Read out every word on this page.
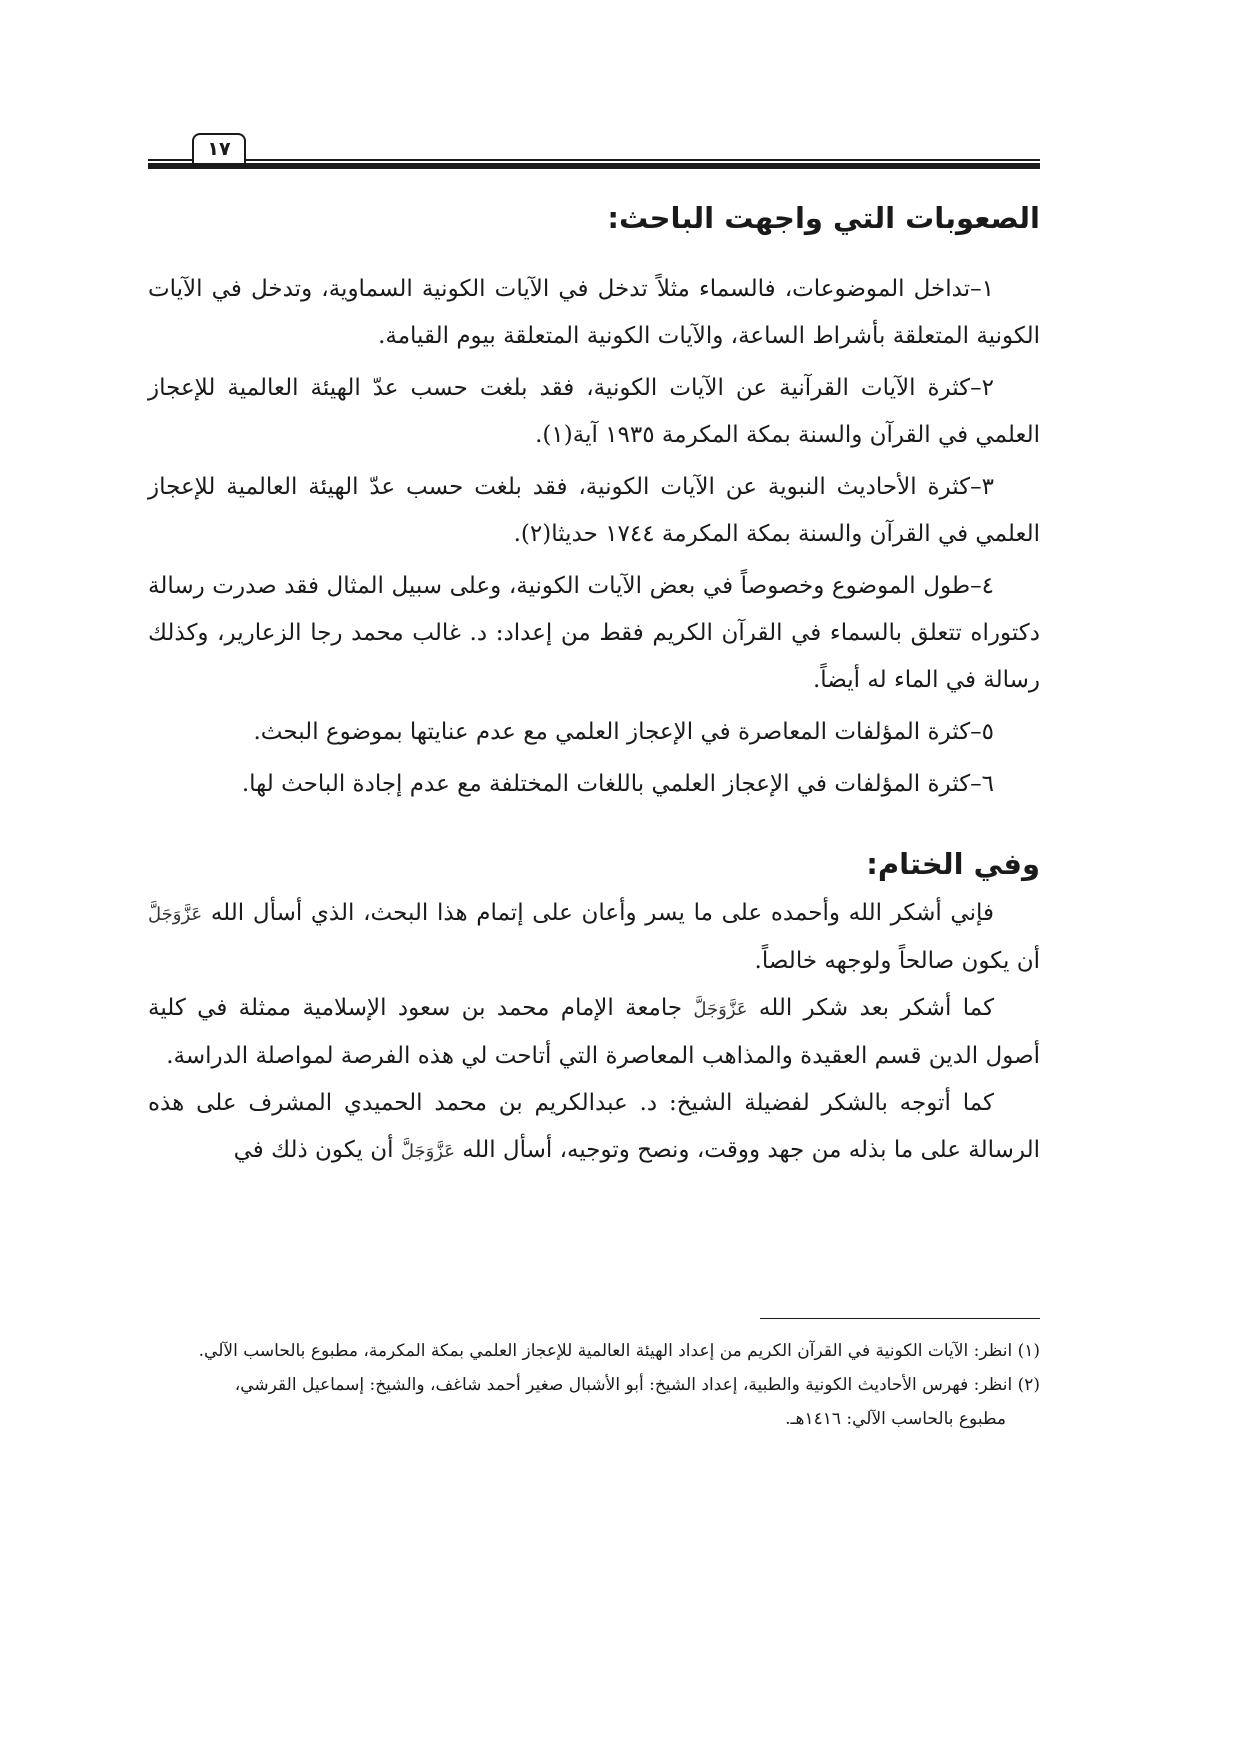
١٧
الصعوبات التي واجهت الباحث:

١–تداخل الموضوعات، فالسماء مثلاً تدخل في الآيات الكونية السماوية، وتدخل في الآيات الكونية المتعلقة بأشراط الساعة، والآيات الكونية المتعلقة بيوم القيامة.

٢–كثرة الآيات القرآنية عن الآيات الكونية، فقد بلغت حسب عدّ الهيئة العالمية للإعجاز العلمي في القرآن والسنة بمكة المكرمة ١٩٣٥ آية(١).

٣–كثرة الأحاديث النبوية عن الآيات الكونية، فقد بلغت حسب عدّ الهيئة العالمية للإعجاز العلمي في القرآن والسنة بمكة المكرمة ١٧٤٤ حديثا(٢).

٤–طول الموضوع وخصوصاً في بعض الآيات الكونية، وعلى سبيل المثال فقد صدرت رسالة دكتوراه تتعلق بالسماء في القرآن الكريم فقط من إعداد: د. غالب محمد رجا الزعارير، وكذلك رسالة في الماء له أيضاً.

٥–كثرة المؤلفات المعاصرة في الإعجاز العلمي مع عدم عنايتها بموضوع البحث.

٦–كثرة المؤلفات في الإعجاز العلمي باللغات المختلفة مع عدم إجادة الباحث لها.

وفي الختام:

فإني أشكر الله وأحمده على ما يسر وأعان على إتمام هذا البحث، الذي أسأل الله عَزَّوَجَلَّ أن يكون صالحاً ولوجهه خالصاً.

كما أشكر بعد شكر الله عَزَّوَجَلَّ جامعة الإمام محمد بن سعود الإسلامية ممثلة في كلية أصول الدين قسم العقيدة والمذاهب المعاصرة التي أتاحت لي هذه الفرصة لمواصلة الدراسة.

كما أتوجه بالشكر لفضيلة الشيخ: د. عبدالكريم بن محمد الحميدي المشرف على هذه الرسالة على ما بذله من جهد ووقت، ونصح وتوجيه، أسأل الله عَزَّوَجَلَّ أن يكون ذلك في

(١) انظر: الآيات الكونية في القرآن الكريم من إعداد الهيئة العالمية للإعجاز العلمي بمكة المكرمة، مطبوع بالحاسب الآلي.

(٢) انظر: فهرس الأحاديث الكونية والطبية، إعداد الشيخ: أبو الأشبال صغير أحمد شاغف، والشيخ: إسماعيل القرشي،
مطبوع بالحاسب الآلي: ١٤١٦هـ.
